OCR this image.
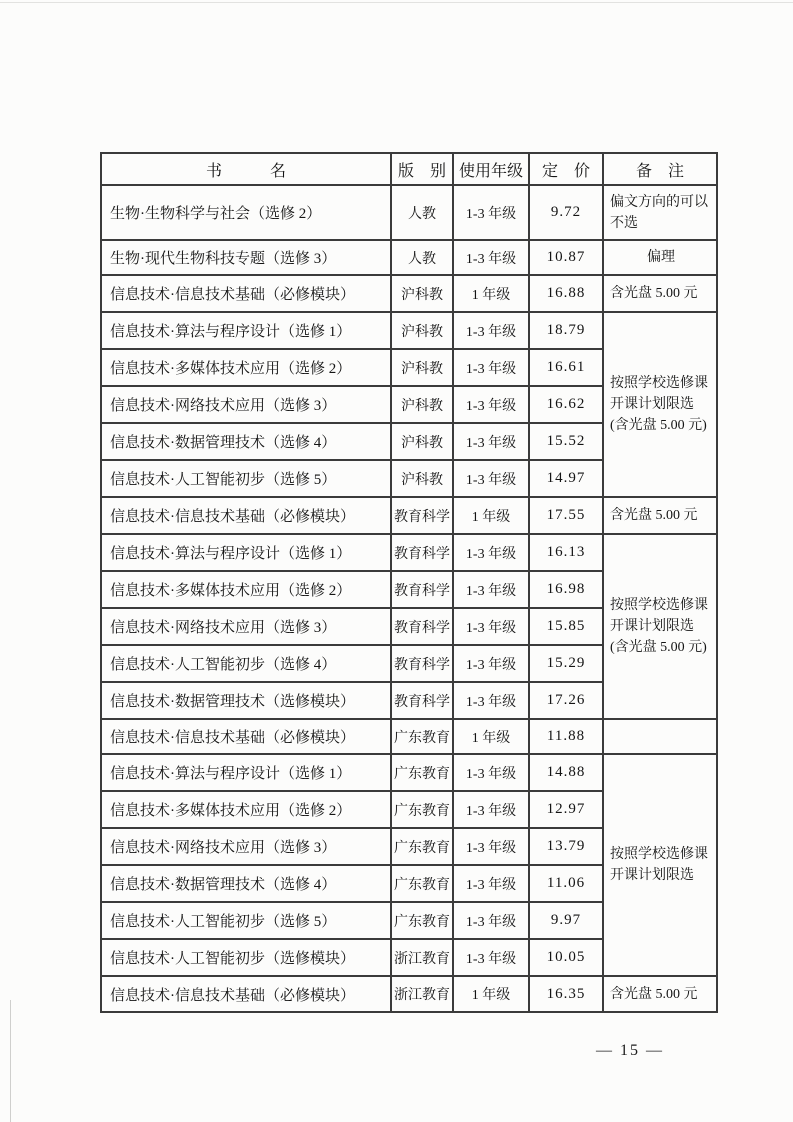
书　　　名	版　别	使用年级	定　价	备　注
生物·生物科学与社会（选修 2）	人教	1-3 年级	9.72	偏文方向的可以不选
生物·现代生物科技专题（选修 3）	人教	1-3 年级	10.87	偏理
信息技术·信息技术基础（必修模块）	沪科教	1 年级	16.88	含光盘 5.00 元
信息技术·算法与程序设计（选修 1）	沪科教	1-3 年级	18.79	按照学校选修课开课计划限选(含光盘 5.00 元)
信息技术·多媒体技术应用（选修 2）	沪科教	1-3 年级	16.61	
信息技术·网络技术应用（选修 3）	沪科教	1-3 年级	16.62	
信息技术·数据管理技术（选修 4）	沪科教	1-3 年级	15.52	
信息技术·人工智能初步（选修 5）	沪科教	1-3 年级	14.97	
信息技术·信息技术基础（必修模块）	教育科学	1 年级	17.55	含光盘 5.00 元
信息技术·算法与程序设计（选修 1）	教育科学	1-3 年级	16.13	按照学校选修课开课计划限选(含光盘 5.00 元)
信息技术·多媒体技术应用（选修 2）	教育科学	1-3 年级	16.98	
信息技术·网络技术应用（选修 3）	教育科学	1-3 年级	15.85	
信息技术·人工智能初步（选修 4）	教育科学	1-3 年级	15.29	
信息技术·数据管理技术（选修模块）	教育科学	1-3 年级	17.26	
信息技术·信息技术基础（必修模块）	广东教育	1 年级	11.88	
信息技术·算法与程序设计（选修 1）	广东教育	1-3 年级	14.88	按照学校选修课开课计划限选
信息技术·多媒体技术应用（选修 2）	广东教育	1-3 年级	12.97	
信息技术·网络技术应用（选修 3）	广东教育	1-3 年级	13.79	
信息技术·数据管理技术（选修 4）	广东教育	1-3 年级	11.06	
信息技术·人工智能初步（选修 5）	广东教育	1-3 年级	9.97	
信息技术·人工智能初步（选修模块）	浙江教育	1-3 年级	10.05	
信息技术·信息技术基础（必修模块）	浙江教育	1 年级	16.35	含光盘 5.00 元
— 15 —
